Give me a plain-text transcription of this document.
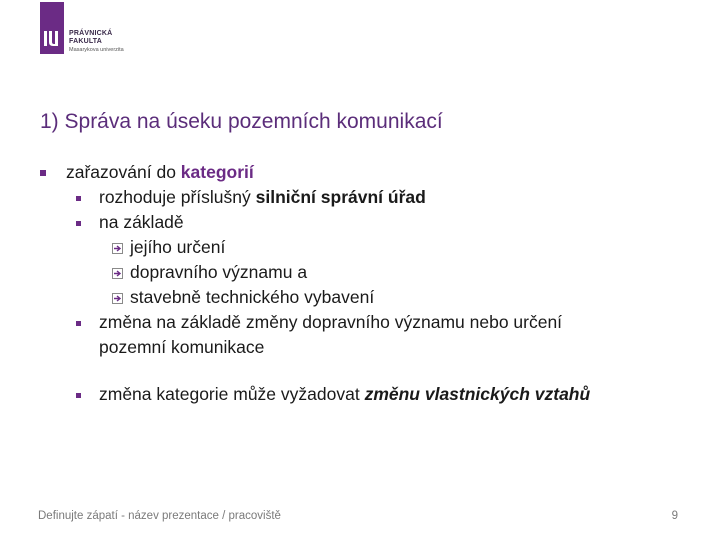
PRÁVNICKÁ
FAKULTA
Masarykova univerzita
1) Správa na úseku pozemních komunikací
zařazování do kategorií
rozhoduje příslušný silniční správní úřad
na základě
jejího určení
dopravního významu a
stavebně technického vybavení
změna na základě změny dopravního významu nebo určení
pozemní komunikace
změna kategorie může vyžadovat změnu vlastnických vztahů
Definujte zápatí - název prezentace / pracoviště	9
